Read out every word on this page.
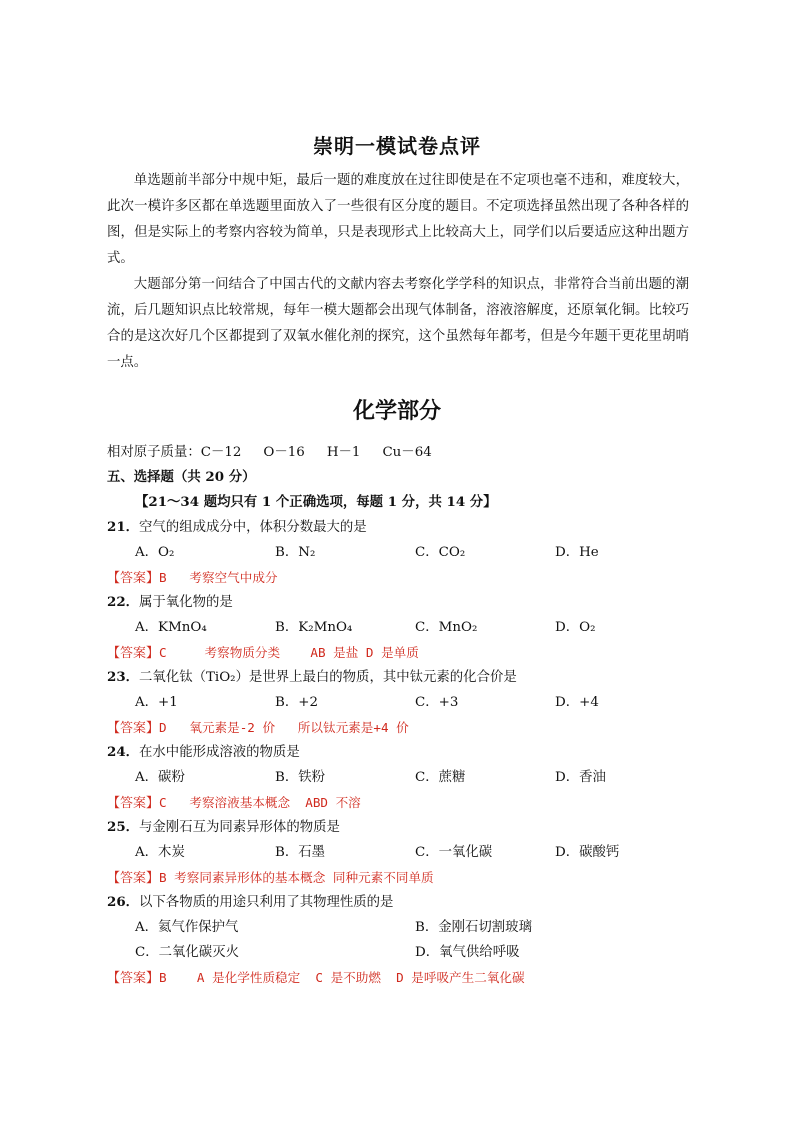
崇明一模试卷点评

单选题前半部分中规中矩，最后一题的难度放在过往即使是在不定项也毫不违和，难度较大，此次一模许多区都在单选题里面放入了一些很有区分度的题目。不定项选择虽然出现了各种各样的图，但是实际上的考察内容较为简单，只是表现形式上比较高大上，同学们以后要适应这种出题方式。

大题部分第一问结合了中国古代的文献内容去考察化学学科的知识点，非常符合当前出题的潮流，后几题知识点比较常规，每年一模大题都会出现气体制备，溶液溶解度，还原氧化铜。比较巧合的是这次好几个区都提到了双氧水催化剂的探究，这个虽然每年都考，但是今年题干更花里胡哨一点。

化学部分
相对原子质量：C－12 O－16 H－1 Cu－64
五、选择题（共 20 分）
【21～34 题均只有 1 个正确选项，每题 1 分，共 14 分】
21．空气的组成成分中，体积分数最大的是
A．O₂	B．N₂	C．CO₂	D．He
【答案】B   考察空气中成分
22．属于氧化物的是
A．KMnO₄	B．K₂MnO₄	C．MnO₂	D．O₂
【答案】C     考察物质分类    AB 是盐 D 是单质
23．二氧化钛（TiO₂）是世界上最白的物质，其中钛元素的化合价是
A．+1	B．+2	C．+3	D．+4
【答案】D   氧元素是-2 价   所以钛元素是+4 价
24．在水中能形成溶液的物质是
A．碳粉	B．铁粉	C．蔗糖	D．香油
【答案】C   考察溶液基本概念  ABD 不溶
25．与金刚石互为同素异形体的物质是
A．木炭	B．石墨	C．一氧化碳	D．碳酸钙
【答案】B 考察同素异形体的基本概念 同种元素不同单质
26．以下各物质的用途只利用了其物理性质的是
A．氦气作保护气	B．金刚石切割玻璃
C．二氧化碳灭火	D．氧气供给呼吸
【答案】B    A 是化学性质稳定  C 是不助燃  D 是呼吸产生二氧化碳
